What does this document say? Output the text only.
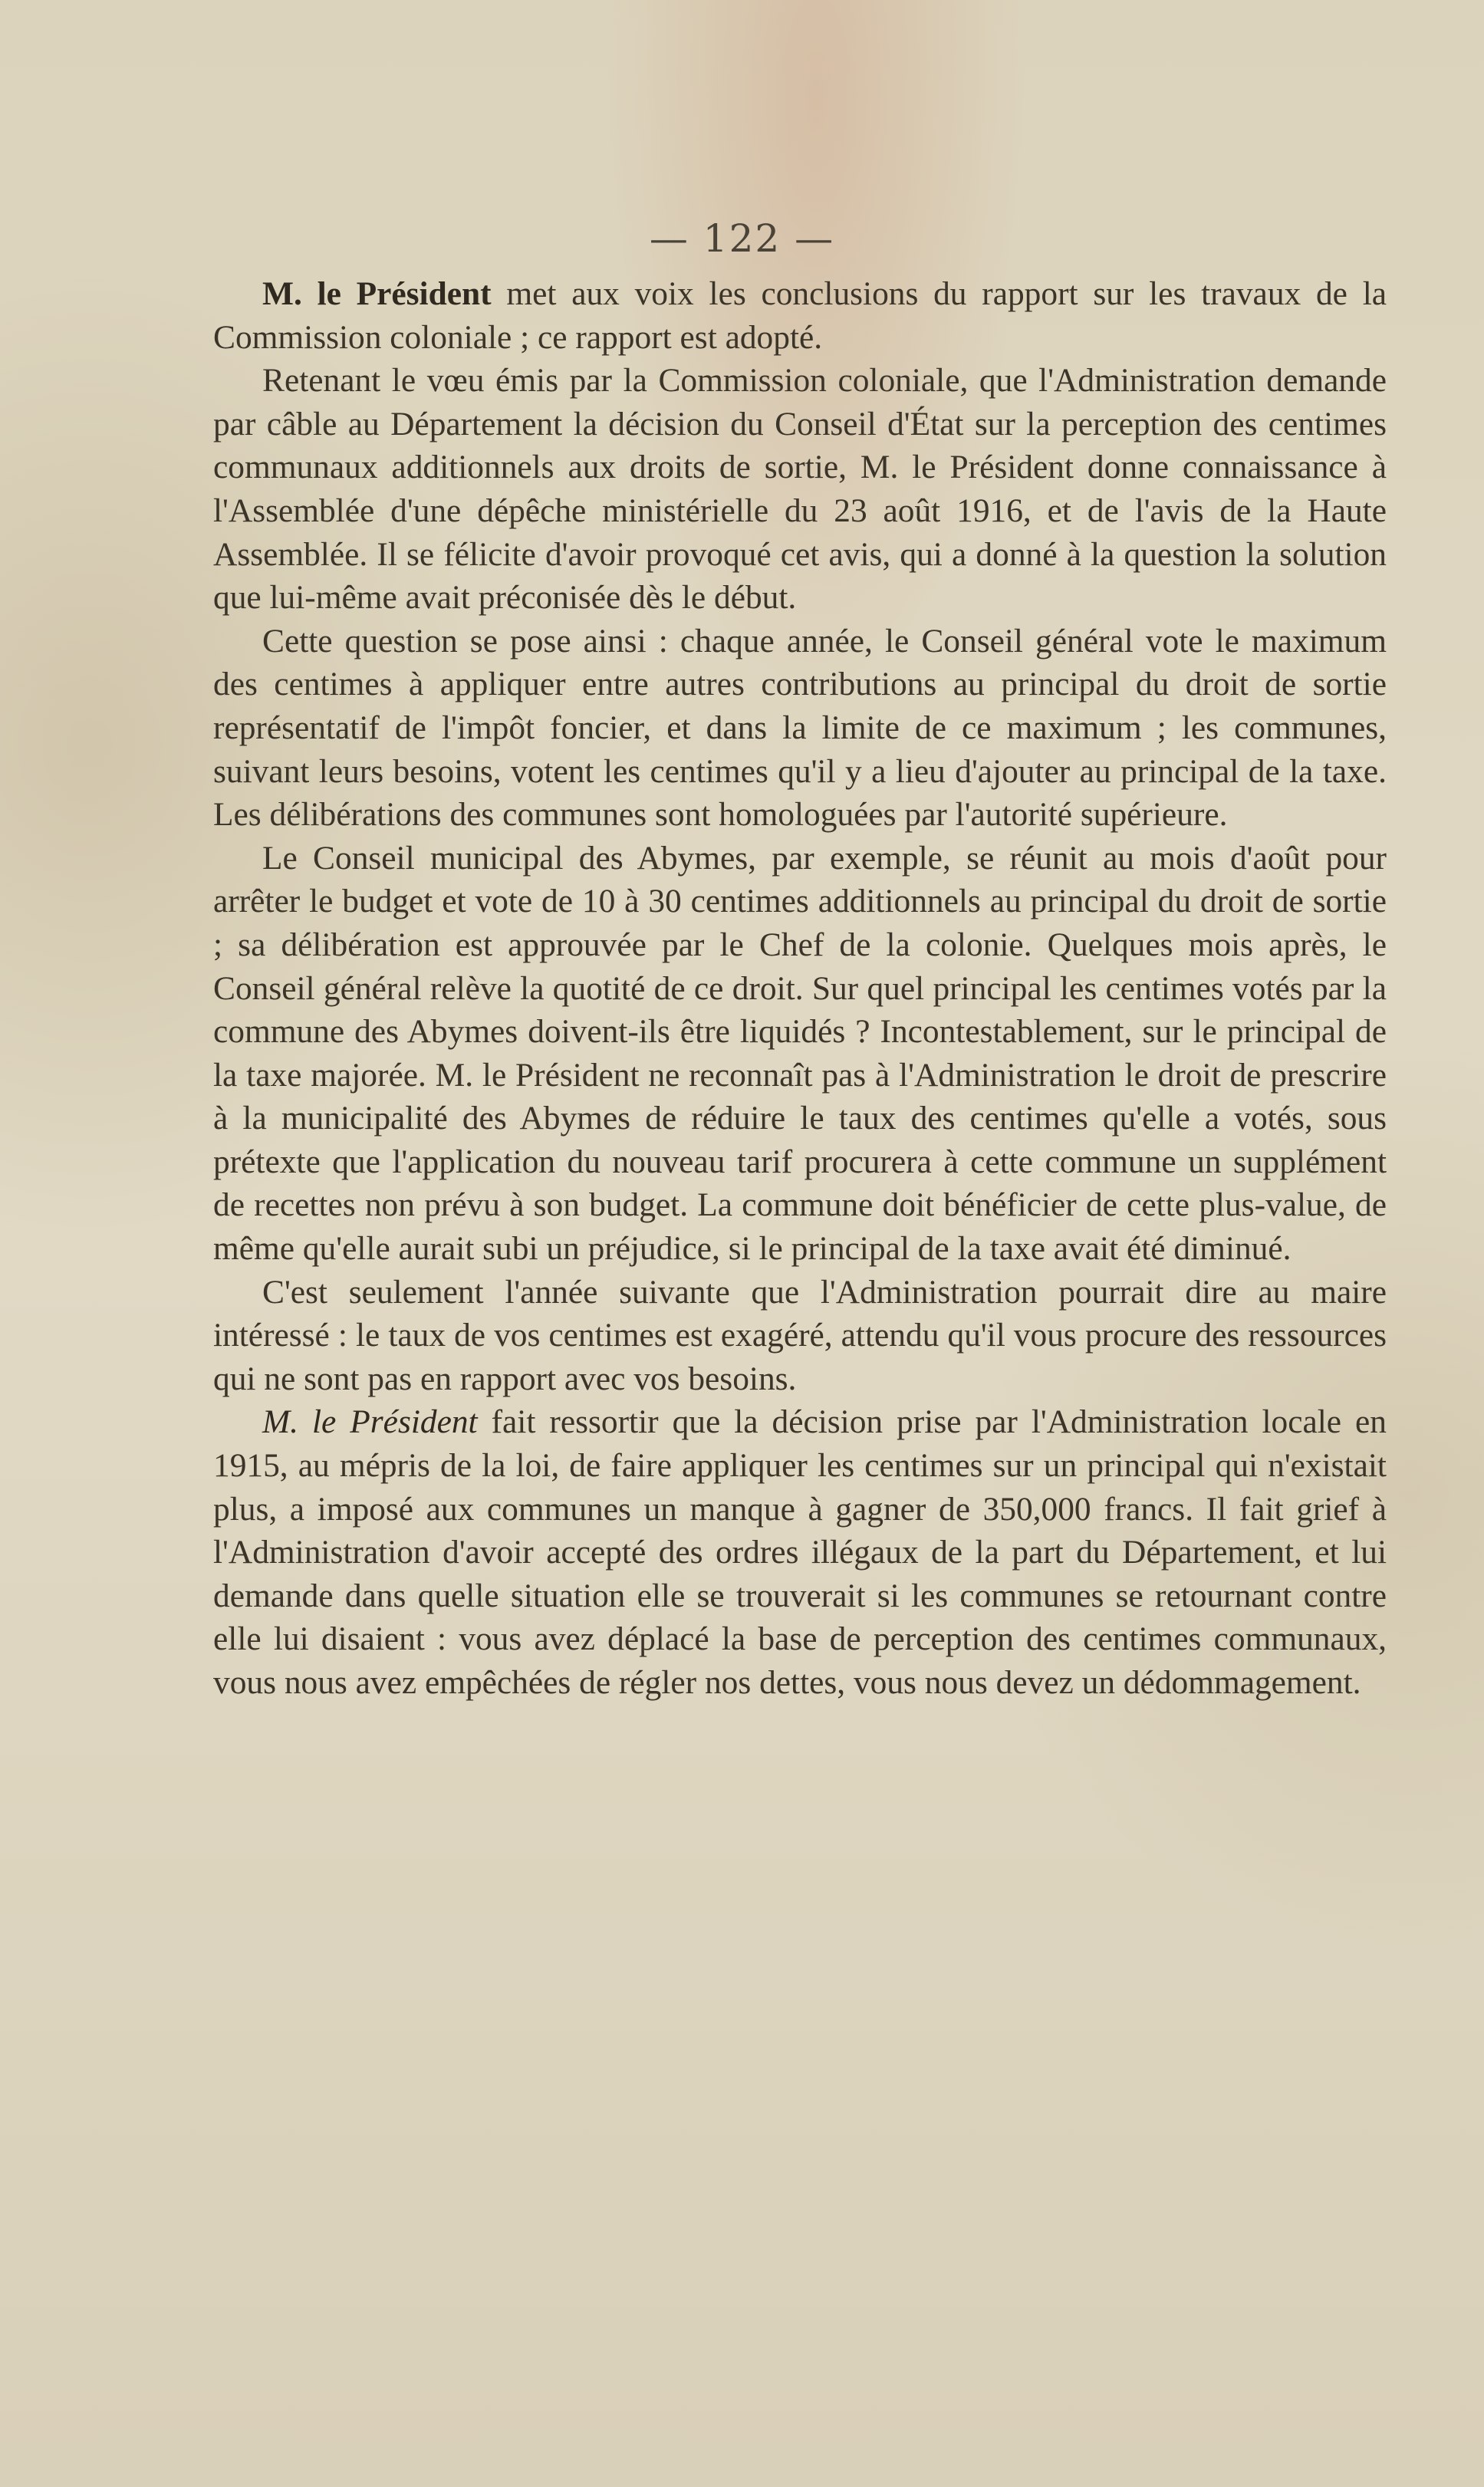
— 122 —

M. le Président met aux voix les conclusions du rapport sur les travaux de la Commission coloniale ; ce rapport est adopté.

Retenant le vœu émis par la Commission coloniale, que l'Administration demande par câble au Département la décision du Conseil d'État sur la perception des centimes communaux additionnels aux droits de sortie, M. le Président donne connaissance à l'Assemblée d'une dépêche ministérielle du 23 août 1916, et de l'avis de la Haute Assemblée. Il se félicite d'avoir provoqué cet avis, qui a donné à la question la solution que lui-même avait préconisée dès le début.

Cette question se pose ainsi : chaque année, le Conseil général vote le maximum des centimes à appliquer entre autres contributions au principal du droit de sortie représentatif de l'impôt foncier, et dans la limite de ce maximum ; les communes, suivant leurs besoins, votent les centimes qu'il y a lieu d'ajouter au principal de la taxe. Les délibérations des communes sont homologuées par l'autorité supérieure.

Le Conseil municipal des Abymes, par exemple, se réunit au mois d'août pour arrêter le budget et vote de 10 à 30 centimes additionnels au principal du droit de sortie ; sa délibération est approuvée par le Chef de la colonie. Quelques mois après, le Conseil général relève la quotité de ce droit. Sur quel principal les centimes votés par la commune des Abymes doivent-ils être liquidés ? Incontestablement, sur le principal de la taxe majorée. M. le Président ne reconnaît pas à l'Administration le droit de prescrire à la municipalité des Abymes de réduire le taux des centimes qu'elle a votés, sous prétexte que l'application du nouveau tarif procurera à cette commune un supplément de recettes non prévu à son budget. La commune doit bénéficier de cette plus-value, de même qu'elle aurait subi un préjudice, si le principal de la taxe avait été diminué.

C'est seulement l'année suivante que l'Administration pourrait dire au maire intéressé : le taux de vos centimes est exagéré, attendu qu'il vous procure des ressources qui ne sont pas en rapport avec vos besoins.

M. le Président fait ressortir que la décision prise par l'Administration locale en 1915, au mépris de la loi, de faire appliquer les centimes sur un principal qui n'existait plus, a imposé aux communes un manque à gagner de 350,000 francs. Il fait grief à l'Administration d'avoir accepté des ordres illégaux de la part du Département, et lui demande dans quelle situation elle se trouverait si les communes se retournant contre elle lui disaient : vous avez déplacé la base de perception des centimes communaux, vous nous avez empêchées de régler nos dettes, vous nous devez un dédommagement.
